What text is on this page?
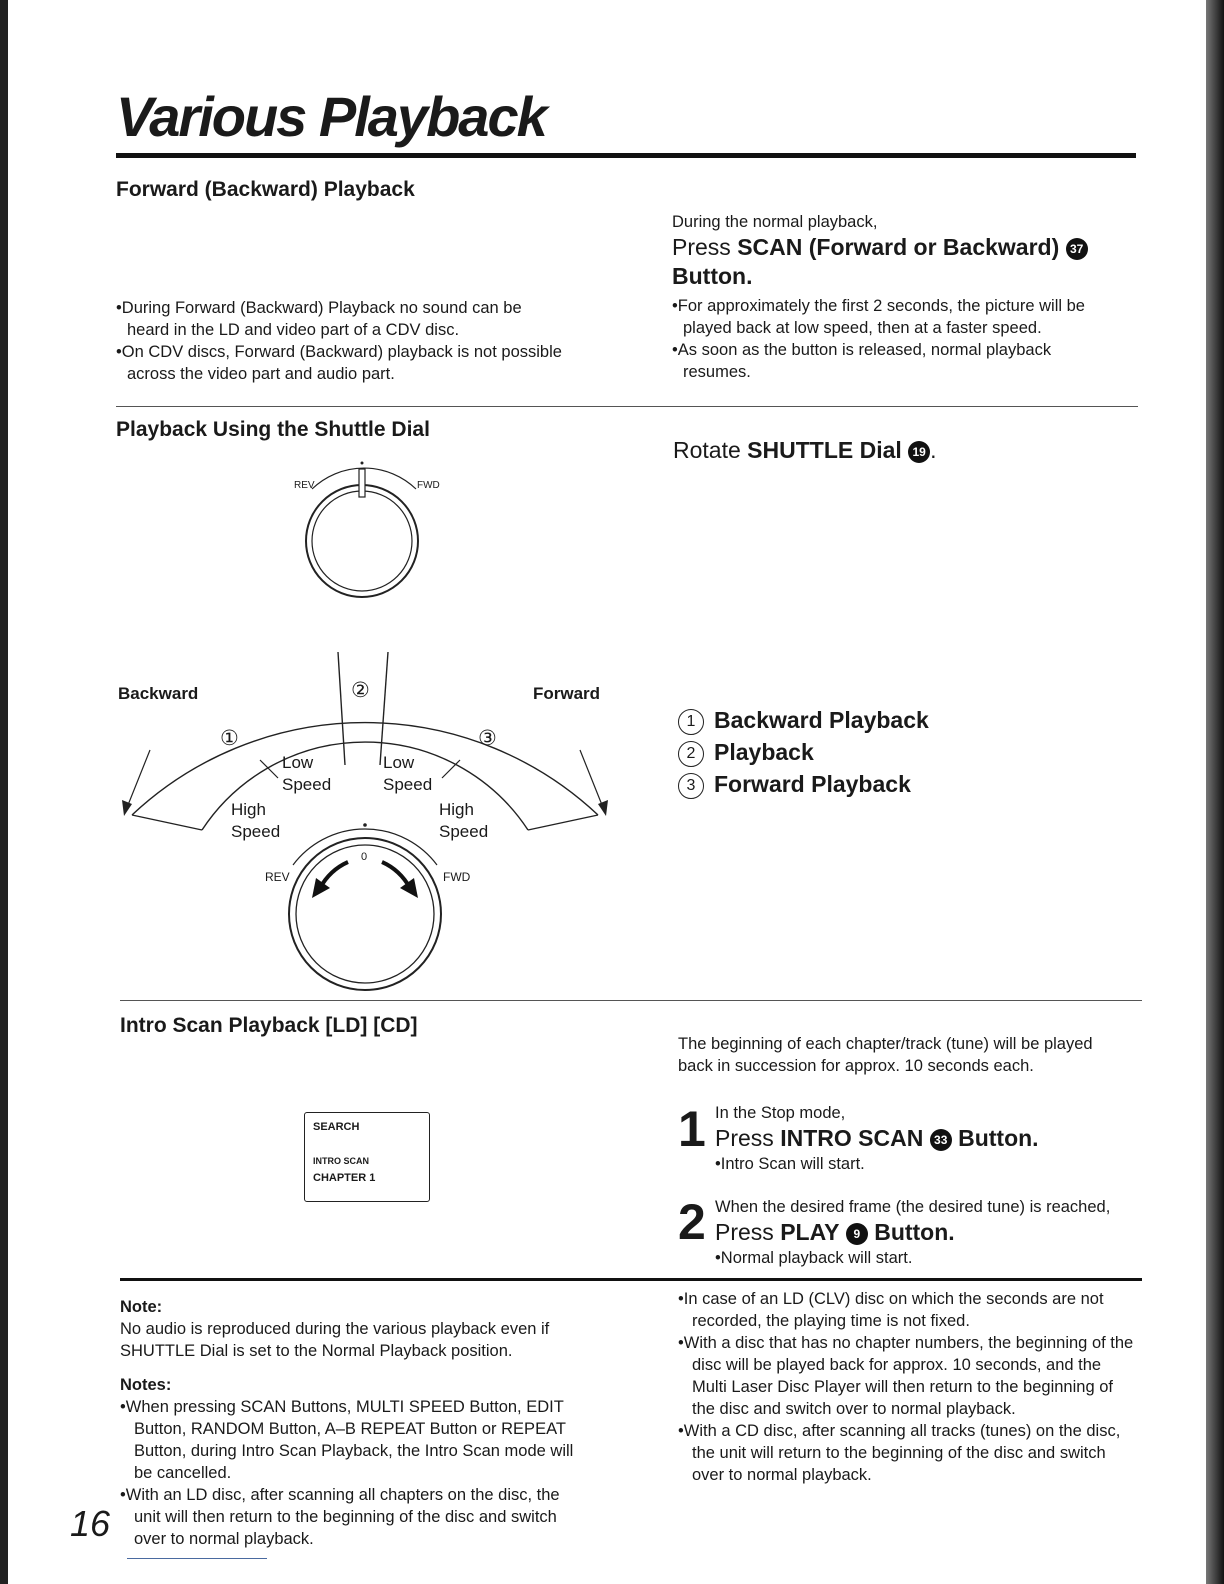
Various Playback
Forward (Backward) Playback

•During Forward (Backward) Playback no sound can be heard in the LD and video part of a CDV disc.

•On CDV discs, Forward (Backward) playback is not possible across the video part and audio part.

During the normal playback,
Press SCAN (Forward or Backward) 37 Button.

•For approximately the first 2 seconds, the picture will be played back at low speed, then at a faster speed.

•As soon as the button is released, normal playback resumes.

Playback Using the Shuttle Dial
Rotate SHUTTLE Dial 19 .
REV	FWD
Backward	Forward
②
①	③
Low
Speed
Low
Speed
High
Speed
High
Speed
REV	FWD
0
1 Backward Playback
2 Playback
3 Forward Playback
Intro Scan Playback [LD] [CD]
SEARCH

INTRO SCAN
CHAPTER 1
The beginning of each chapter/track (tune) will be played back in succession for approx. 10 seconds each.
1 In the Stop mode,
Press INTRO SCAN 33 Button.
•Intro Scan will start.
2 When the desired frame (the desired tune) is reached,
Press PLAY 9 Button.
•Normal playback will start.
Note:
No audio is reproduced during the various playback even if SHUTTLE Dial is set to the Normal Playback position.
Notes:

•When pressing SCAN Buttons, MULTI SPEED Button, EDIT Button, RANDOM Button, A–B REPEAT Button or REPEAT Button, during Intro Scan Playback, the Intro Scan mode will be cancelled.

•With an LD disc, after scanning all chapters on the disc, the unit will then return to the beginning of the disc and switch over to normal playback.

•In case of an LD (CLV) disc on which the seconds are not recorded, the playing time is not fixed.

•With a disc that has no chapter numbers, the beginning of the disc will be played back for approx. 10 seconds, and the Multi Laser Disc Player will then return to the beginning of the disc and switch over to normal playback.

•With a CD disc, after scanning all tracks (tunes) on the disc, the unit will return to the beginning of the disc and switch over to normal playback.

16
